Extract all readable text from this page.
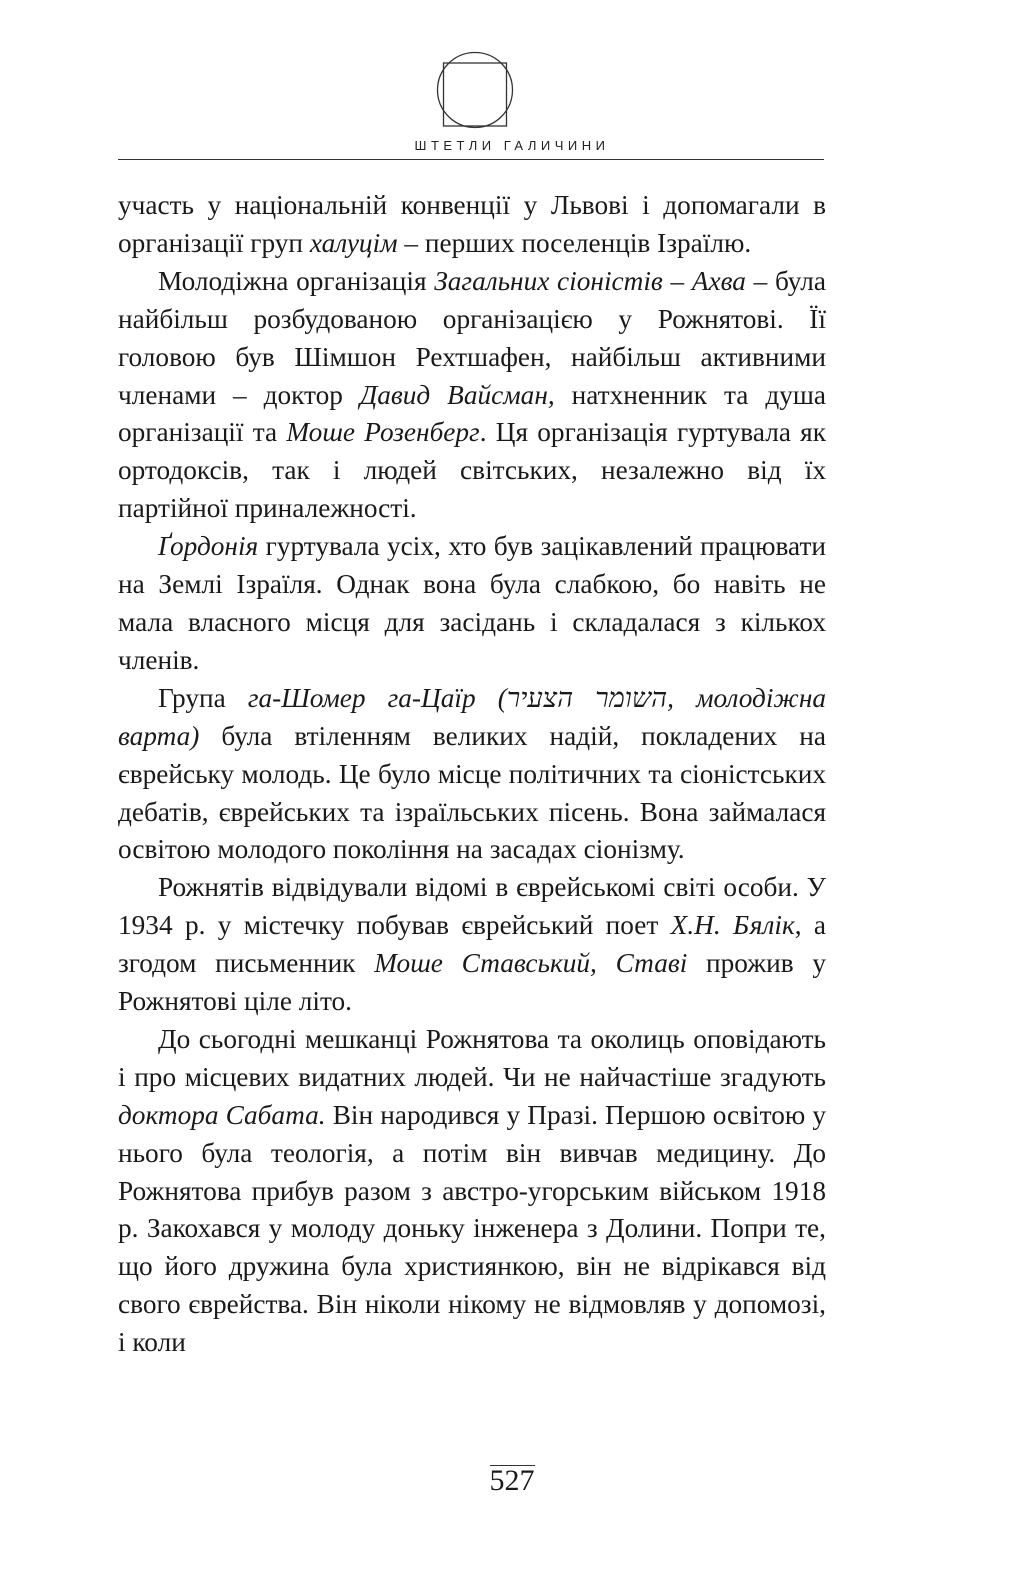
ШТЕТЛИ ГАЛИЧИНИ

участь у національній конвенції у Львові і допомагали в організації груп халуцім – перших поселенців Ізраїлю.

Молодіжна організація Загальних сіоністів – Ахва – була найбільш розбудованою організацією у Рожнятові. Її головою був Шімшон Рехтшафен, найбільш активними членами – доктор Давид Вайсман, натхненник та душа організації та Моше Розенберг. Ця організація гуртувала як ортодоксів, так і людей світських, незалежно від їх партійної приналежності.

Ґордонія гуртувала усіх, хто був зацікавлений працювати на Землі Ізраїля. Однак вона була слабкою, бо навіть не мала власного місця для засідань і складалася з кількох членів.

Група га-Шомер га-Цаїр (השומר הצעיר, молодіжна варта) була втіленням великих надій, покладених на єврейську молодь. Це було місце політичних та сіоністських дебатів, єврейських та ізраїльських пісень. Вона займалася освітою молодого покоління на засадах сіонізму.

Рожнятів відвідували відомі в єврейськомі світі особи. У 1934 р. у містечку побував єврейський поет Х.Н. Бялік, а згодом письменник Моше Ставський, Ставі прожив у Рожнятові ціле літо.

До сьогодні мешканці Рожнятова та околиць оповідають і про місцевих видатних людей. Чи не найчастіше згадують доктора Сабата. Він народився у Празі. Першою освітою у нього була теологія, а потім він вивчав медицину. До Рожнятова прибув разом з австро-угорським військом 1918 р. Закохався у молоду доньку інженера з Долини. Попри те, що його дружина була християнкою, він не відрікався від свого єврейства. Він ніколи нікому не відмовляв у допомозі, і коли

527
